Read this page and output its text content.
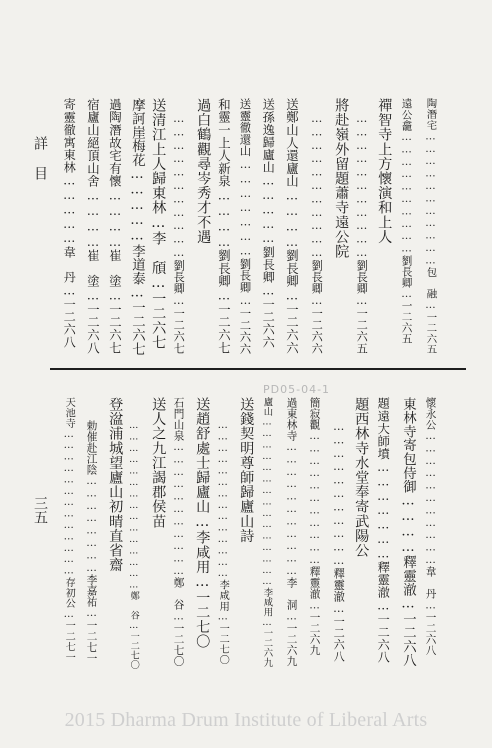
詳目
三五
陶潛宅……………………………包　融…一二六五
遠公龕…………………………劉長卿…一二六五
禪智寺上方懷演和上人
……………………………劉長卿…一二六五
將赴嶺外留題蕭寺遠公院
……………………………劉長卿…一二六六
送鄭山人還廬山…………劉長卿…一二六六
送孫逸歸廬山……………劉長卿…一二六六
送靈徹還山…………………劉長卿…一二六六
和靈一上人新泉…………劉長卿…一二六七
過白鶴觀尋岑秀才不遇
……………………………劉長卿…一二六七
送清江上人歸東林…李　頎…一二六七
摩訶崖梅花……………李道泰…一二六七
過陶潛故宅有懷…………崔　塗…一二六七
宿廬山絕頂山舍…………崔　塗…一二六八
寄靈徹寓東林……………韋　丹…一二六八
PD05-04-1
懷永公……………………………韋　丹…一二六八
東林寺寄包侍御…………釋靈澈…一二六八
題遠大師墳…………………釋靈澈…一二六八
題西林寺水堂奉寄武陽公
……………………………釋靈澈…一二六八
簡寂觀……………………………釋靈澈…一二六九
過東林寺……………………………李　洞…一二六九
廬山………………………………………李咸用…一二六九
送錢契明尊師歸廬山詩
……………………………………李咸用…一二七〇
送趙舒處士歸廬山…李咸用…一二七〇
石門山泉……………………………鄭　谷…一二七〇
送人之九江謁郡侯苗
………………………………………鄭　谷…一二七〇
登湓浦城望廬山初晴直省齋
勅催赴江陰……………………李嘉祐…一二七一
天池寺…………………………………存初公…一二七一
2015 Dharma Drum Institute of Liberal Arts
